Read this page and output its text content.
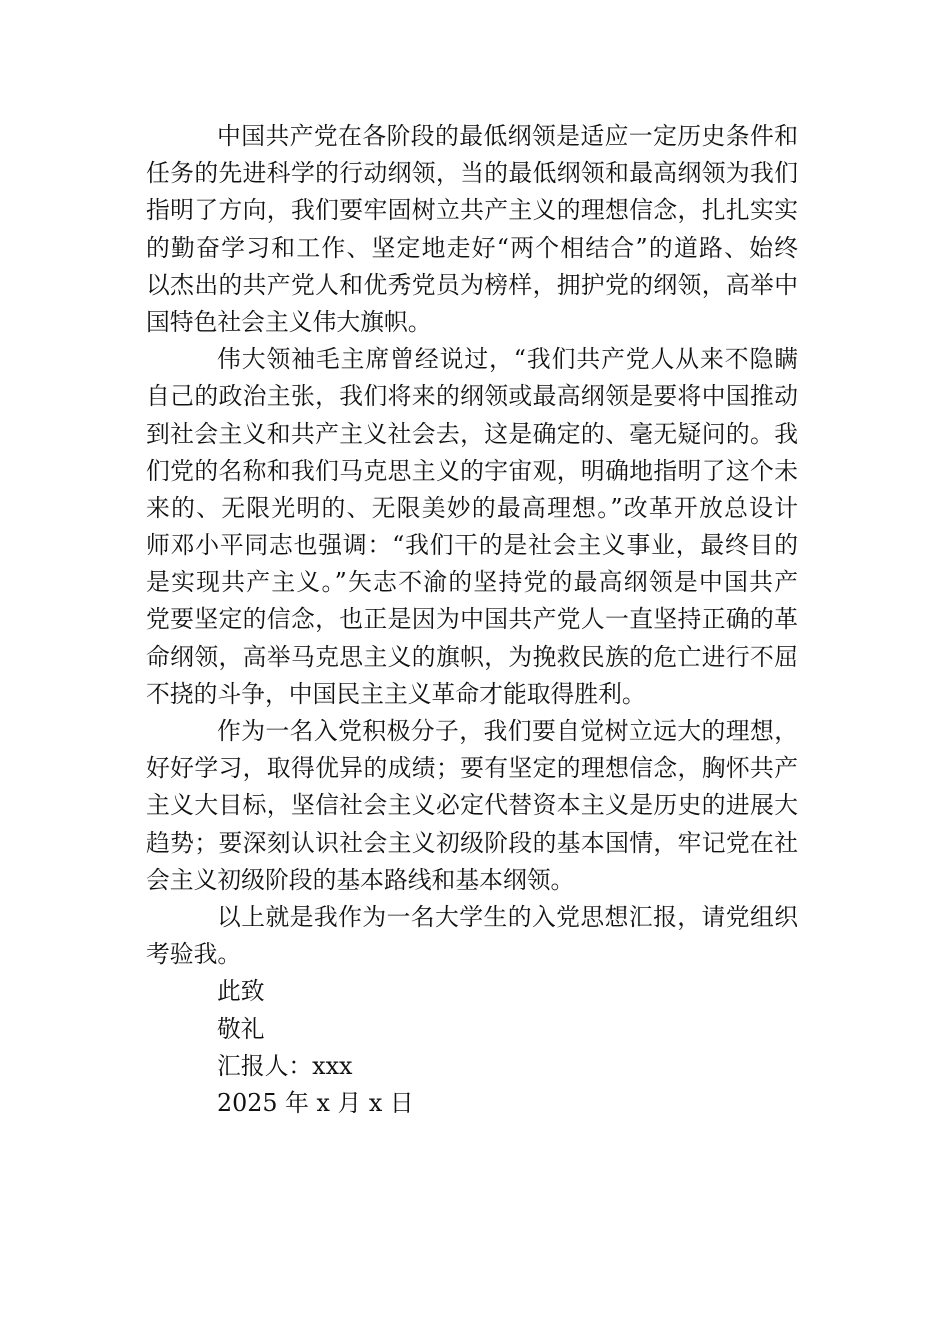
中国共产党在各阶段的最低纲领是适应一定历史条件和
任务的先进科学的行动纲领，当的最低纲领和最高纲领为我们
指明了方向，我们要牢固树立共产主义的理想信念，扎扎实实
的勤奋学习和工作、坚定地走好“两个相结合”的道路、始终
以杰出的共产党人和优秀党员为榜样，拥护党的纲领，高举中
国特色社会主义伟大旗帜。
伟大领袖毛主席曾经说过，“我们共产党人从来不隐瞒
自己的政治主张，我们将来的纲领或最高纲领是要将中国推动
到社会主义和共产主义社会去，这是确定的、毫无疑问的。我
们党的名称和我们马克思主义的宇宙观，明确地指明了这个未
来的、无限光明的、无限美妙的最高理想。”改革开放总设计
师邓小平同志也强调：“我们干的是社会主义事业，最终目的
是实现共产主义。”矢志不渝的坚持党的最高纲领是中国共产
党要坚定的信念，也正是因为中国共产党人一直坚持正确的革
命纲领，高举马克思主义的旗帜，为挽救民族的危亡进行不屈
不挠的斗争，中国民主主义革命才能取得胜利。
作为一名入党积极分子，我们要自觉树立远大的理想，
好好学习，取得优异的成绩；要有坚定的理想信念，胸怀共产
主义大目标，坚信社会主义必定代替资本主义是历史的进展大
趋势；要深刻认识社会主义初级阶段的基本国情，牢记党在社
会主义初级阶段的基本路线和基本纲领。
以上就是我作为一名大学生的入党思想汇报，请党组织
考验我。
此致
敬礼
汇报人：xxx
2025 年 x 月 x 日
